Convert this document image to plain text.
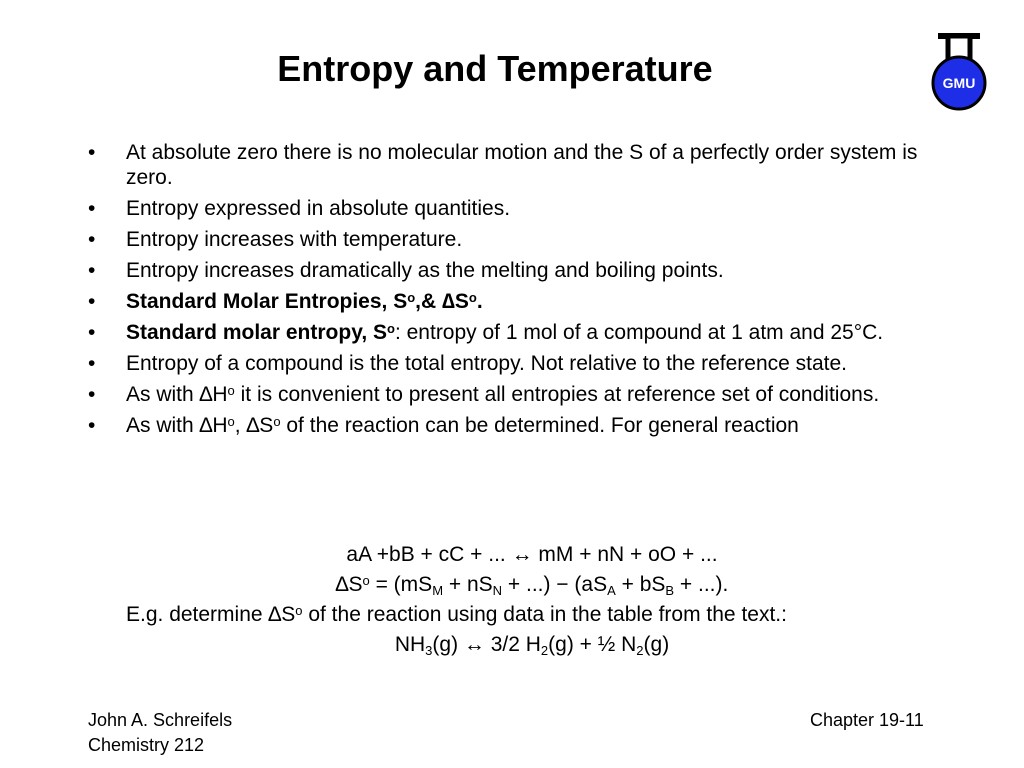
Entropy and Temperature	GMU
• At absolute zero there is no molecular motion and the S of a perfectly order system is zero.
• Entropy expressed in absolute quantities.
• Entropy increases with temperature.
• Entropy increases dramatically as the melting and boiling points.
• Standard Molar Entropies, $S^o,\&$ $\Delta S^o$.
• Standard molar entropy, $S^o$: entropy of 1 mol of a compound at 1 atm and 25°C.
• Entropy of a compound is the total entropy. Not relative to the reference state.
• As with $\Delta H^o$ it is convenient to present all entropies at reference set of conditions.
• As with $\Delta H^o$, $\Delta S^o$ of the reaction can be determined. For general reaction
aA +bB + cC + ... ↔ mM + nN + oO + ...
$\Delta S^o = (mS_M + nS_N$ + ...) − ($aS_A + bS_B$ + ...).
E.g. determine $\Delta S^o$ of the reaction using data in the table from the text.:
$NH_3(g)$ ↔ 3/2 $H_2(g)$ + ½ $N_2(g)$
John A. Schreifels
Chemistry 212
Chapter 19-11
